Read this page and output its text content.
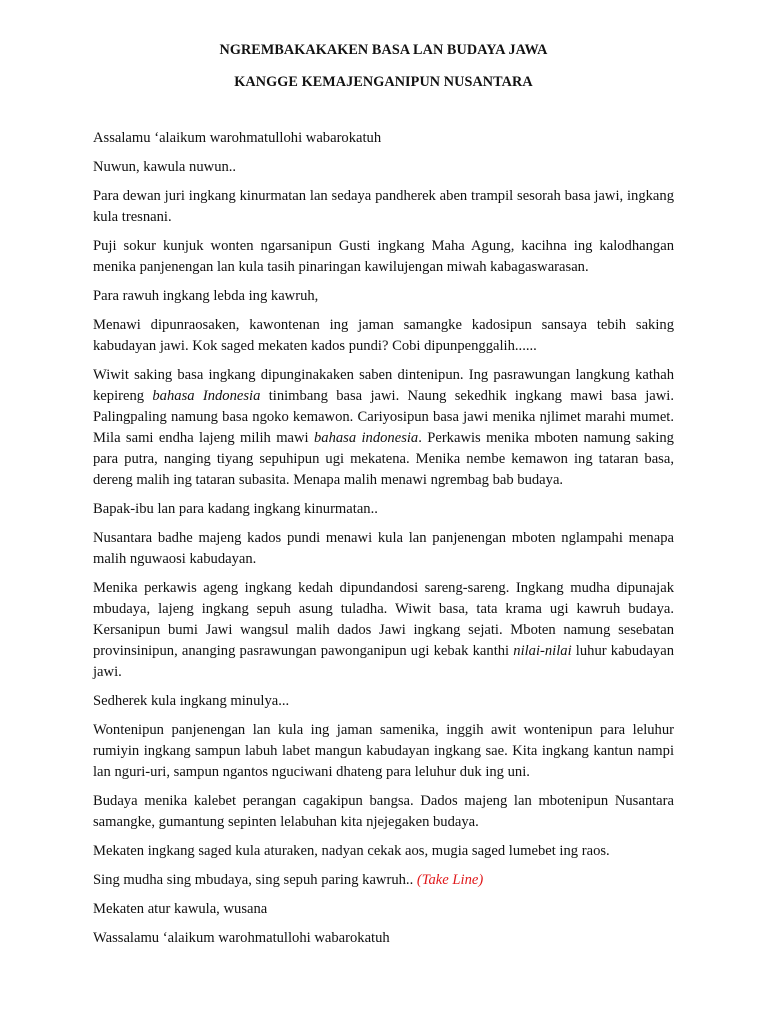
NGREMBAKAKAKEN BASA LAN BUDAYA JAWA
KANGGE KEMAJENGANIPUN NUSANTARA

Assalamu ‘alaikum warohmatullohi wabarokatuh

Nuwun, kawula nuwun..

Para dewan juri ingkang kinurmatan lan sedaya pandherek aben trampil sesorah basa jawi, ingkang kula tresnani.

Puji sokur kunjuk wonten ngarsanipun Gusti ingkang Maha Agung, kacihna ing kalodhangan menika panjenengan lan kula tasih pinaringan kawilujengan miwah kabagaswarasan.

Para rawuh ingkang lebda ing kawruh,

Menawi dipunraosaken, kawontenan ing jaman samangke kadosipun sansaya tebih saking kabudayan jawi. Kok saged mekaten kados pundi? Cobi dipunpenggalih......

Wiwit saking basa ingkang dipunginakaken saben dintenipun. Ing pasrawungan langkung kathah kepireng bahasa Indonesia tinimbang basa jawi. Naung sekedhik ingkang mawi basa jawi. Palingpaling namung basa ngoko kemawon. Cariyosipun basa jawi menika njlimet marahi mumet. Mila sami endha lajeng milih mawi bahasa indonesia. Perkawis menika mboten namung saking para putra, nanging tiyang sepuhipun ugi mekatena. Menika nembe kemawon ing tataran basa, dereng malih ing tataran subasita. Menapa malih menawi ngrembag bab budaya.

Bapak-ibu lan para kadang ingkang kinurmatan..

Nusantara badhe majeng kados pundi menawi kula lan panjenengan mboten nglampahi menapa malih nguwaosi kabudayan.

Menika perkawis ageng ingkang kedah dipundandosi sareng-sareng. Ingkang mudha dipunajak mbudaya, lajeng ingkang sepuh asung tuladha. Wiwit basa, tata krama ugi kawruh budaya. Kersanipun bumi Jawi wangsul malih dados Jawi ingkang sejati. Mboten namung sesebatan provinsinipun, ananging pasrawungan pawonganipun ugi kebak kanthi nilai-nilai luhur kabudayan jawi.

Sedherek kula ingkang minulya...

Wontenipun panjenengan lan kula ing jaman samenika, inggih awit wontenipun para leluhur rumiyin ingkang sampun labuh labet mangun kabudayan ingkang sae. Kita ingkang kantun nampi lan nguri-uri, sampun ngantos nguciwani dhateng para leluhur duk ing uni.

Budaya menika kalebet perangan cagakipun bangsa. Dados majeng lan mbotenipun Nusantara samangke, gumantung sepinten lelabuhan kita njejegaken budaya.

Mekaten ingkang saged kula aturaken, nadyan cekak aos, mugia saged lumebet ing raos.

Sing mudha sing mbudaya, sing sepuh paring kawruh.. (Take Line)

Mekaten atur kawula, wusana

Wassalamu ‘alaikum warohmatullohi wabarokatuh
